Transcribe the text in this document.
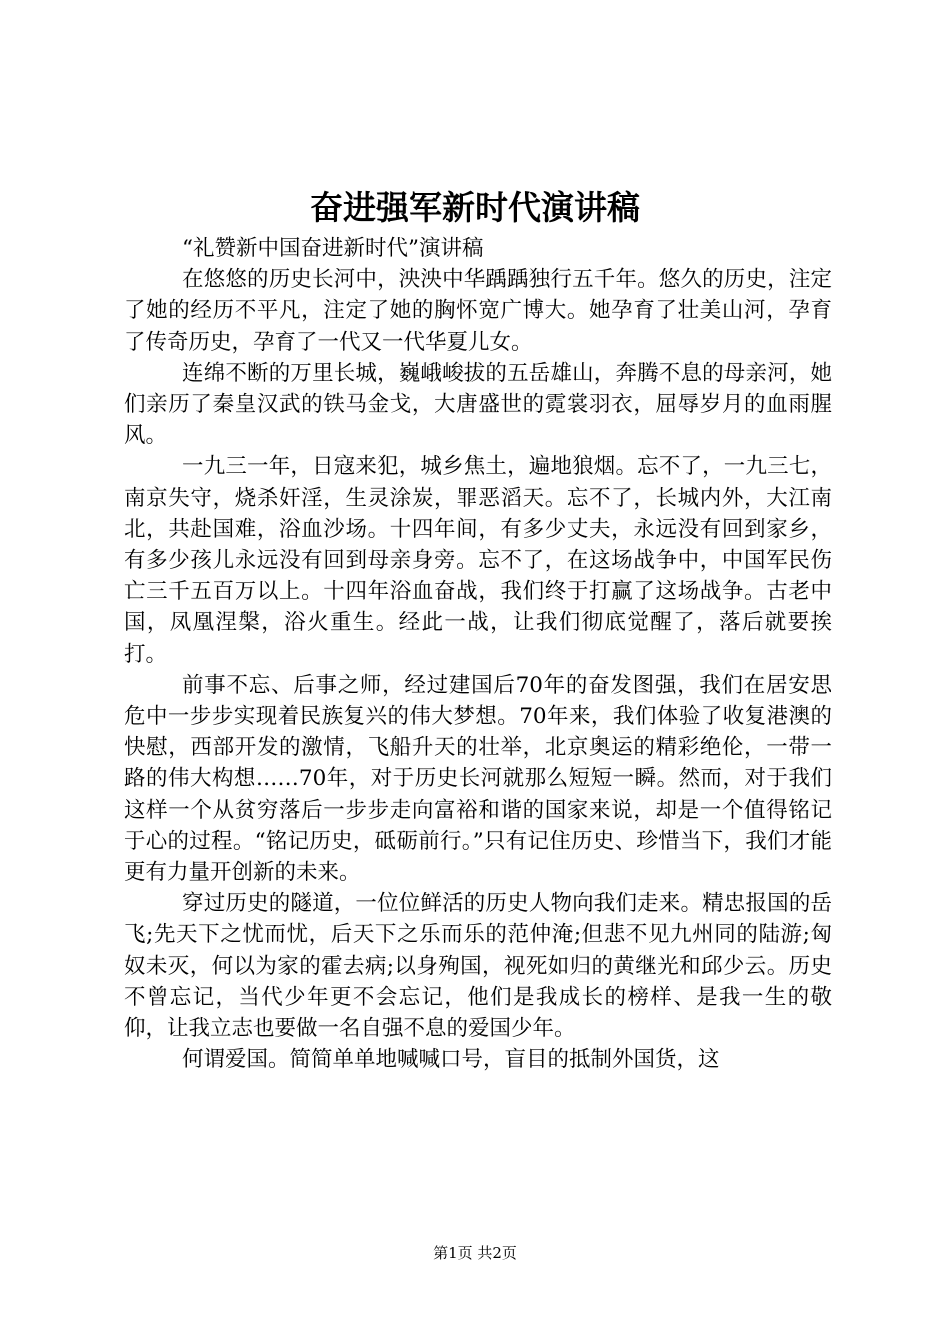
奋进强军新时代演讲稿

“礼赞新中国奋进新时代”演讲稿

在悠悠的历史长河中，泱泱中华踽踽独行五千年。悠久的历史，注定了她的经历不平凡，注定了她的胸怀宽广博大。她孕育了壮美山河，孕育了传奇历史，孕育了一代又一代华夏儿女。

连绵不断的万里长城，巍峨峻拔的五岳雄山，奔腾不息的母亲河，她们亲历了秦皇汉武的铁马金戈，大唐盛世的霓裳羽衣，屈辱岁月的血雨腥风。

一九三一年，日寇来犯，城乡焦土，遍地狼烟。忘不了，一九三七，南京失守，烧杀奸淫，生灵涂炭，罪恶滔天。忘不了，长城内外，大江南北，共赴国难，浴血沙场。十四年间，有多少丈夫，永远没有回到家乡，有多少孩儿永远没有回到母亲身旁。忘不了，在这场战争中，中国军民伤亡三千五百万以上。十四年浴血奋战，我们终于打赢了这场战争。古老中国，凤凰涅槃，浴火重生。经此一战，让我们彻底觉醒了，落后就要挨打。

前事不忘、后事之师，经过建国后70年的奋发图强，我们在居安思危中一步步实现着民族复兴的伟大梦想。70年来，我们体验了收复港澳的快慰，西部开发的激情，飞船升天的壮举，北京奥运的精彩绝伦，一带一路的伟大构想……70年，对于历史长河就那么短短一瞬。然而，对于我们这样一个从贫穷落后一步步走向富裕和谐的国家来说，却是一个值得铭记于心的过程。“铭记历史，砥砺前行。”只有记住历史、珍惜当下，我们才能更有力量开创新的未来。

穿过历史的隧道，一位位鲜活的历史人物向我们走来。精忠报国的岳飞;先天下之忧而忧，后天下之乐而乐的范仲淹;但悲不见九州同的陆游;匈奴未灭，何以为家的霍去病;以身殉国，视死如归的黄继光和邱少云。历史不曾忘记，当代少年更不会忘记，他们是我成长的榜样、是我一生的敬仰，让我立志也要做一名自强不息的爱国少年。

何谓爱国。简简单单地喊喊口号，盲目的抵制外国货，这

第1页 共2页
